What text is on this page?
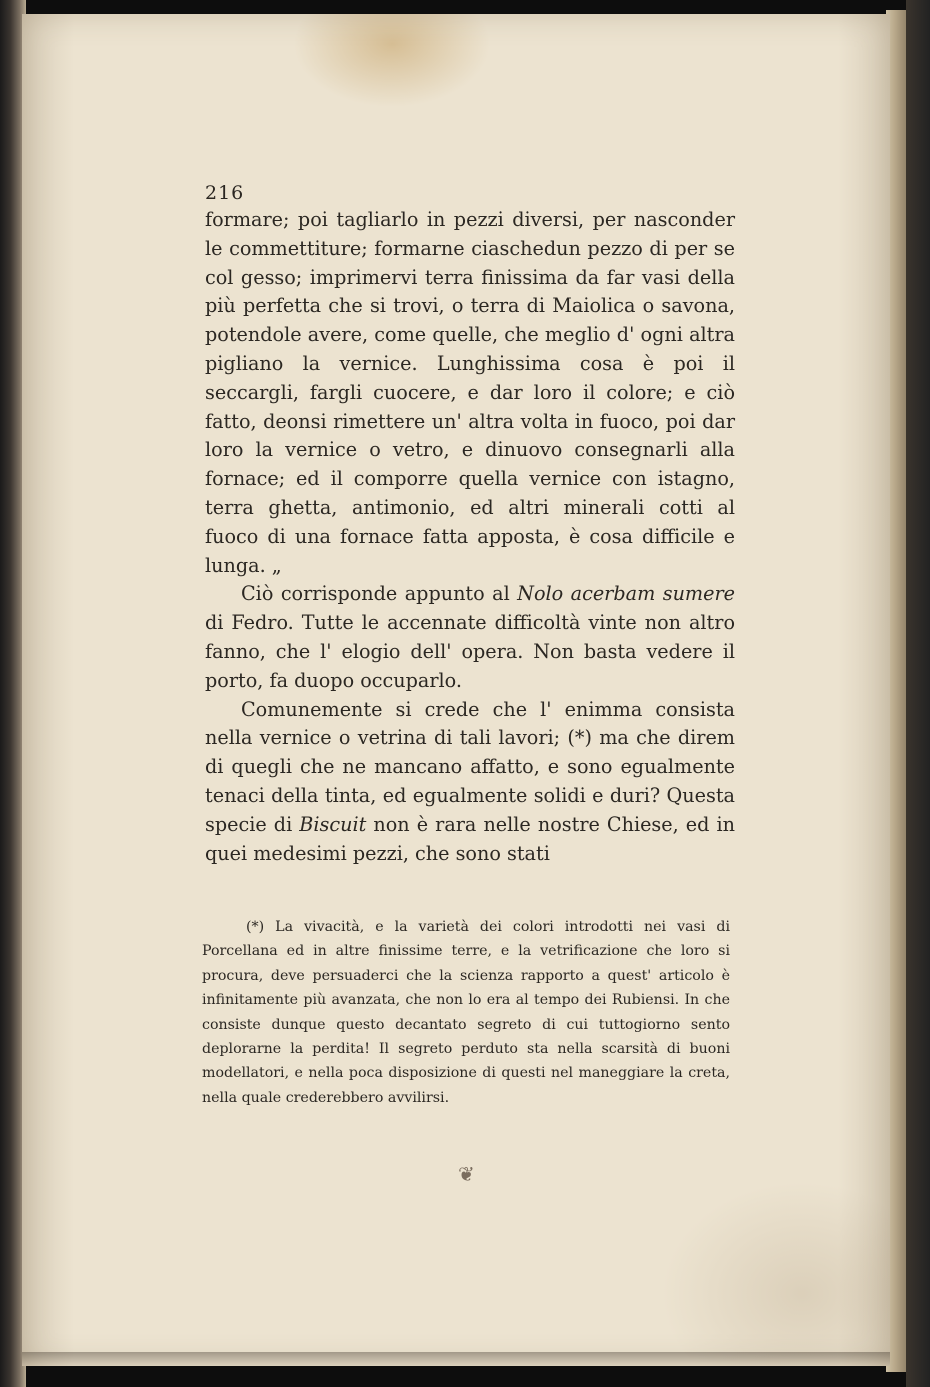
216

formare; poi tagliarlo in pezzi diversi, per nasconder le commettiture; formarne ciaschedun pezzo di per se col gesso; imprimervi terra finissima da far vasi della più perfetta che si trovi, o terra di Maiolica o savona, potendole avere, come quelle, che meglio d' ogni altra pigliano la vernice. Lunghissima cosa è poi il seccargli, fargli cuocere, e dar loro il colore; e ciò fatto, deonsi rimettere un' altra volta in fuoco, poi dar loro la vernice o vetro, e dinuovo consegnarli alla fornace; ed il comporre quella vernice con istagno, terra ghetta, antimonio, ed altri minerali cotti al fuoco di una fornace fatta apposta, è cosa difficile e lunga. „

Ciò corrisponde appunto al Nolo acerbam sumere di Fedro. Tutte le accennate difficoltà vinte non altro fanno, che l' elogio dell' opera. Non basta vedere il porto, fa duopo occuparlo.

Comunemente si crede che l' enimma consista nella vernice o vetrina di tali lavori; (*) ma che direm di quegli che ne mancano affatto, e sono egualmente tenaci della tinta, ed egualmente solidi e duri? Questa specie di Biscuit non è rara nelle nostre Chiese, ed in quei medesimi pezzi, che sono stati

(*) La vivacità, e la varietà dei colori introdotti nei vasi di Porcellana ed in altre finissime terre, e la vetrificazione che loro si procura, deve persuaderci che la scienza rapporto a quest' articolo è infinitamente più avanzata, che non lo era al tempo dei Rubiensi. In che consiste dunque questo decantato segreto di cui tuttogiorno sento deplorarne la perdita! Il segreto perduto sta nella scarsità di buoni modellatori, e nella poca disposizione di questi nel maneggiare la creta, nella quale crederebbero avvilirsi.
❦
